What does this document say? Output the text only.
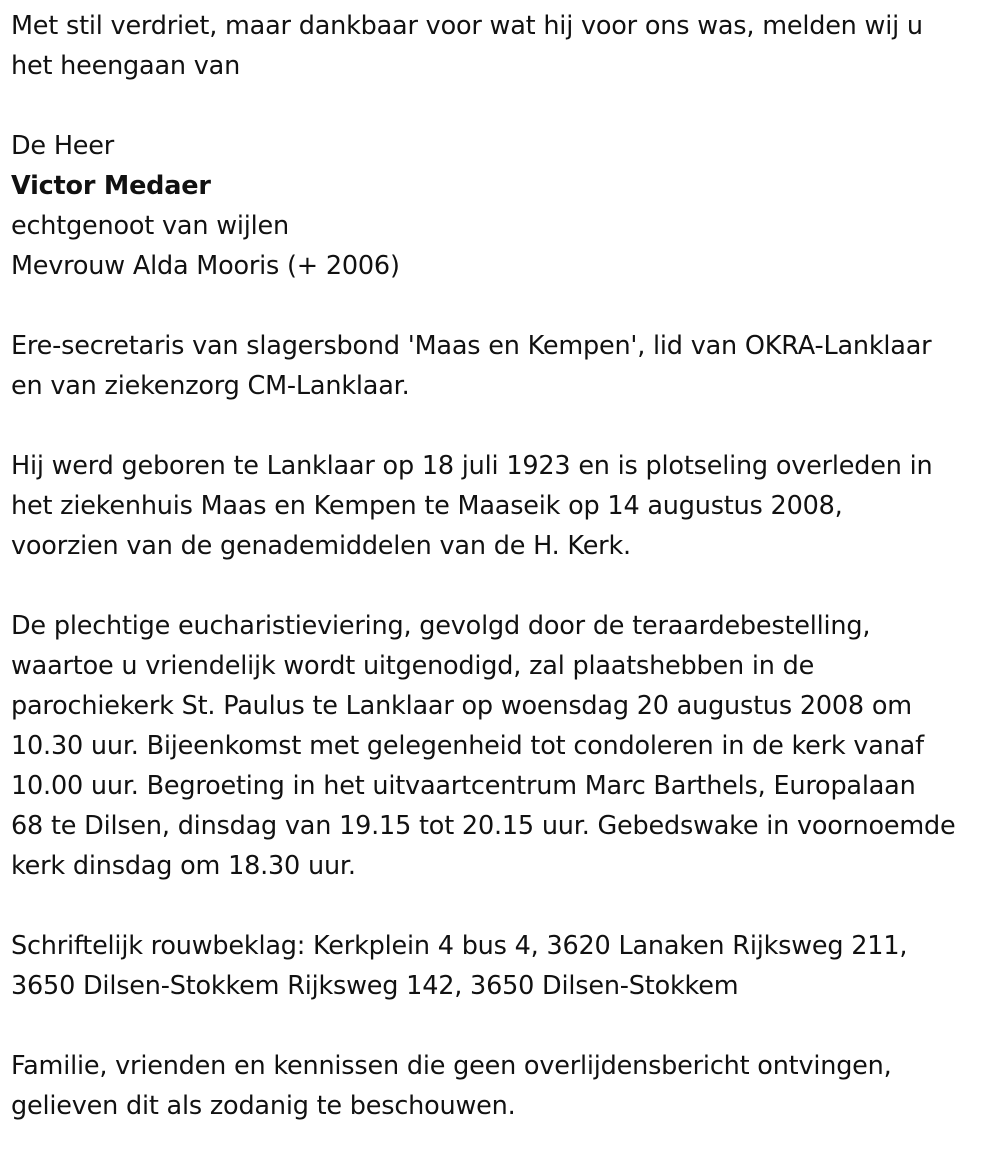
Met stil verdriet, maar dankbaar voor wat hij voor ons was, melden wij u
het heengaan van

De Heer

Victor Medaer

echtgenoot van wijlen

Mevrouw Alda Mooris (+ 2006)

Ere-secretaris van slagersbond 'Maas en Kempen', lid van OKRA-Lanklaar
en van ziekenzorg CM-Lanklaar.

Hij werd geboren te Lanklaar op 18 juli 1923 en is plotseling overleden in
het ziekenhuis Maas en Kempen te Maaseik op 14 augustus 2008,
voorzien van de genademiddelen van de H. Kerk.

De plechtige eucharistieviering, gevolgd door de teraardebestelling,
waartoe u vriendelijk wordt uitgenodigd, zal plaatshebben in de
parochiekerk St. Paulus te Lanklaar op woensdag 20 augustus 2008 om
10.30 uur. Bijeenkomst met gelegenheid tot condoleren in de kerk vanaf
10.00 uur. Begroeting in het uitvaartcentrum Marc Barthels, Europalaan
68 te Dilsen, dinsdag van 19.15 tot 20.15 uur. Gebedswake in voornoemde
kerk dinsdag om 18.30 uur.

Schriftelijk rouwbeklag: Kerkplein 4 bus 4, 3620 Lanaken Rijksweg 211,
3650 Dilsen-Stokkem Rijksweg 142, 3650 Dilsen-Stokkem

Familie, vrienden en kennissen die geen overlijdensbericht ontvingen,
gelieven dit als zodanig te beschouwen.
